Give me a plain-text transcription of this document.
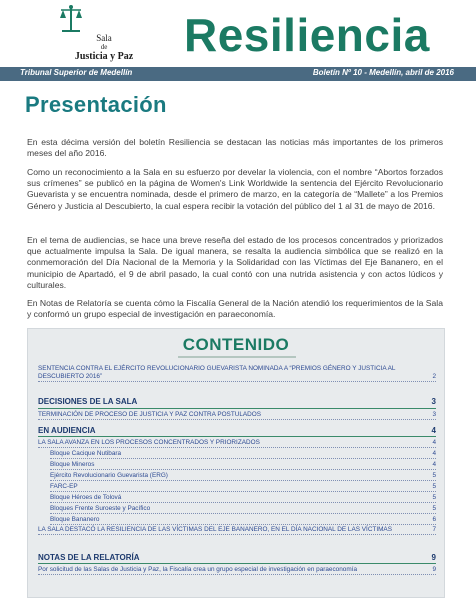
Sala
de
Justicia y Paz Resiliencia
Tribunal Superior de Medellín	Boletín Nº 10 - Medellín, abril de 2016
Presentación
En esta décima versión del boletín Resiliencia se destacan las noticias más importantes de los primeros meses del año 2016.
Como un reconocimiento a la Sala en su esfuerzo por develar la violencia, con el nombre “Abortos forzados sus crímenes” se publicó en la página de Women's Link Worldwide la sentencia del Ejército Revolucionario Guevarista y se encuentra nominada, desde el primero de marzo, en la categoría de “Mallete” a los Premios Género y Justicia al Descubierto, la cual espera recibir la votación del público del 1 al 31 de mayo de 2016.
En el tema de audiencias, se hace una breve reseña del estado de los procesos concentrados y priorizados que actualmente impulsa la Sala. De igual manera, se resalta la audiencia simbólica que se realizó en la conmemoración del Día Nacional de la Memoria y la Solidaridad con las Víctimas del Eje Bananero, en el municipio de Apartadó, el 9 de abril pasado, la cual contó con una nutrida asistencia y con actos lúdicos y culturales.
En Notas de Relatoría se cuenta cómo la Fiscalía General de la Nación atendió los requerimientos de la Sala y conformó un grupo especial de investigación en paraeconomía.
CONTENIDO
SENTENCIA CONTRA EL EJÉRCITO REVOLUCIONARIO GUEVARISTA NOMINADA A “PREMIOS GÉNERO Y JUSTICIA AL DESCUBIERTO 2016”	2
DECISIONES DE LA SALA	3
TERMINACIÓN DE PROCESO DE JUSTICIA Y PAZ CONTRA POSTULADOS	3
EN AUDIENCIA	4
LA SALA AVANZA EN LOS PROCESOS CONCENTRADOS Y PRIORIZADOS	4
Bloque Cacique Nutibara	4
Bloque Mineros	4
Ejército Revolucionario Guevarista (ERG)	5
FARC-EP	5
Bloque Héroes de Tolová	5
Bloques Frente Suroeste y Pacífico	5
Bloque Bananero	6
LA SALA DESTACÓ LA RESILIENCIA DE LAS VÍCTIMAS DEL EJE BANANERO, EN EL DÍA NACIONAL DE LAS VÍCTIMAS	7
NOTAS DE LA RELATORÍA	9
Por solicitud de las Salas de Justicia y Paz, la Fiscalía crea un grupo especial de investigación en paraeconomía	9
